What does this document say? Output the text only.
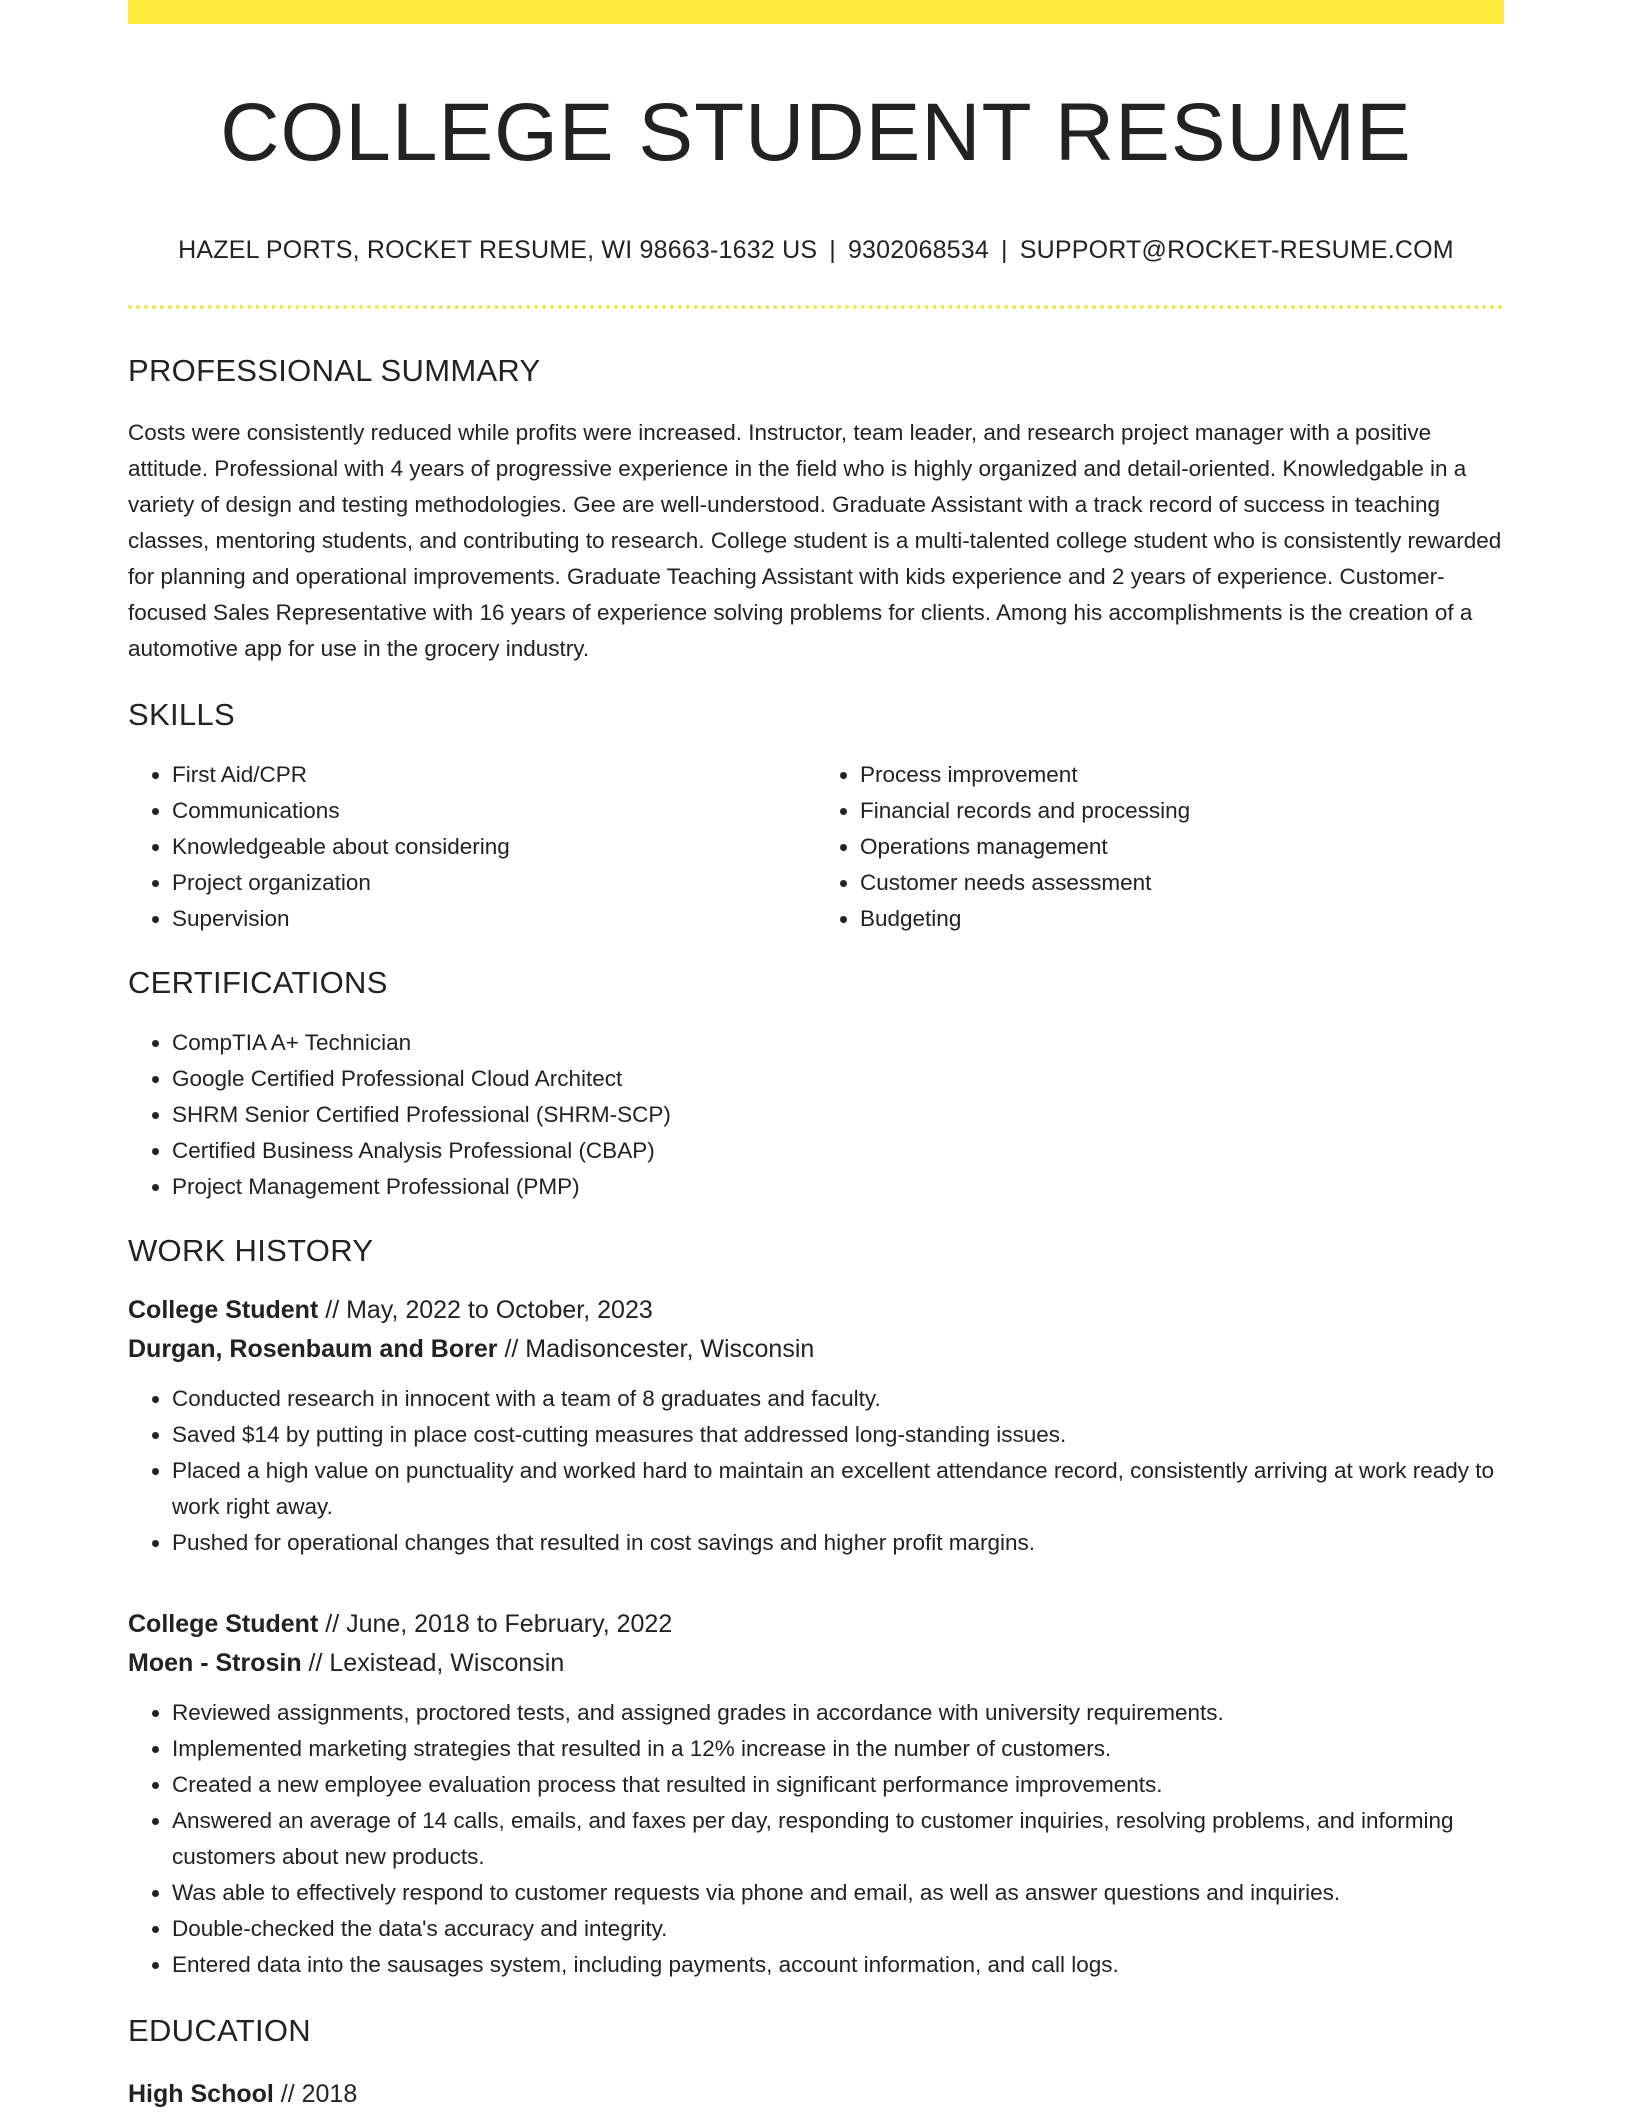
COLLEGE STUDENT RESUME
HAZEL PORTS, ROCKET RESUME, WI 98663-1632 US | 9302068534 | SUPPORT@ROCKET-RESUME.COM
PROFESSIONAL SUMMARY

Costs were consistently reduced while profits were increased. Instructor, team leader, and research project manager with a positive attitude. Professional with 4 years of progressive experience in the field who is highly organized and detail-oriented. Knowledgable in a variety of design and testing methodologies. Gee are well-understood. Graduate Assistant with a track record of success in teaching classes, mentoring students, and contributing to research. College student is a multi-talented college student who is consistently rewarded for planning and operational improvements. Graduate Teaching Assistant with kids experience and 2 years of experience. Customer-focused Sales Representative with 16 years of experience solving problems for clients. Among his accomplishments is the creation of a automotive app for use in the grocery industry.

SKILLS
• First Aid/CPR
• Communications
• Knowledgeable about considering
• Project organization
• Supervision
• Process improvement
• Financial records and processing
• Operations management
• Customer needs assessment
• Budgeting
CERTIFICATIONS
• CompTIA A+ Technician
• Google Certified Professional Cloud Architect
• SHRM Senior Certified Professional (SHRM-SCP)
• Certified Business Analysis Professional (CBAP)
• Project Management Professional (PMP)
WORK HISTORY
College Student // May, 2022 to October, 2023
Durgan, Rosenbaum and Borer // Madisoncester, Wisconsin
• Conducted research in innocent with a team of 8 graduates and faculty.
• Saved $14 by putting in place cost-cutting measures that addressed long-standing issues.
• Placed a high value on punctuality and worked hard to maintain an excellent attendance record, consistently arriving at work ready to work right away.
• Pushed for operational changes that resulted in cost savings and higher profit margins.
College Student // June, 2018 to February, 2022
Moen - Strosin // Lexistead, Wisconsin
• Reviewed assignments, proctored tests, and assigned grades in accordance with university requirements.
• Implemented marketing strategies that resulted in a 12% increase in the number of customers.
• Created a new employee evaluation process that resulted in significant performance improvements.
• Answered an average of 14 calls, emails, and faxes per day, responding to customer inquiries, resolving problems, and informing customers about new products.
• Was able to effectively respond to customer requests via phone and email, as well as answer questions and inquiries.
• Double-checked the data's accuracy and integrity.
• Entered data into the sausages system, including payments, account information, and call logs.
EDUCATION
High School // 2018
